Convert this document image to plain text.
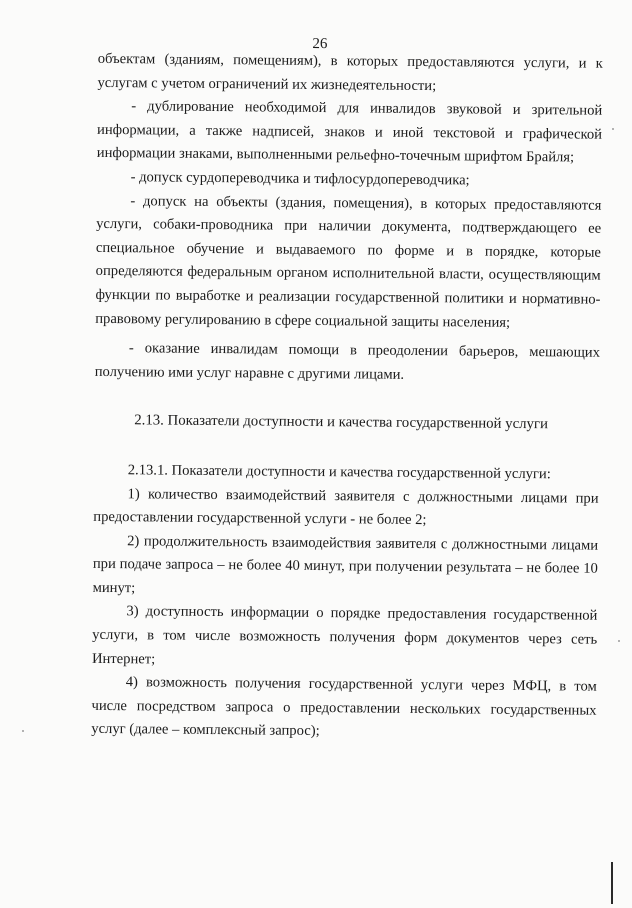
26

объектам (зданиям, помещениям), в которых предоставляются услуги, и к услугам с учетом ограничений их жизнедеятельности;

- дублирование необходимой для инвалидов звуковой и зрительной информации, а также надписей, знаков и иной текстовой и графической информации знаками, выполненными рельефно-точечным шрифтом Брайля;

- допуск сурдопереводчика и тифлосурдопереводчика;

- допуск на объекты (здания, помещения), в которых предоставляются услуги, собаки-проводника при наличии документа, подтверждающего ее специальное обучение и выдаваемого по форме и в порядке, которые определяются федеральным органом исполнительной власти, осуществляющим функции по выработке и реализации государственной политики и нормативно-правовому регулированию в сфере социальной защиты населения;

- оказание инвалидам помощи в преодолении барьеров, мешающих получению ими услуг наравне с другими лицами.

2.13. Показатели доступности и качества государственной услуги

2.13.1. Показатели доступности и качества государственной услуги:

1) количество взаимодействий заявителя с должностными лицами при предоставлении государственной услуги - не более 2;

2) продолжительность взаимодействия заявителя с должностными лицами при подаче запроса – не более 40 минут, при получении результата – не более 10 минут;

3) доступность информации о порядке предоставления государственной услуги, в том числе возможность получения форм документов через сеть Интернет;

4) возможность получения государственной услуги через МФЦ, в том числе посредством запроса о предоставлении нескольких государственных услуг (далее – комплексный запрос);
